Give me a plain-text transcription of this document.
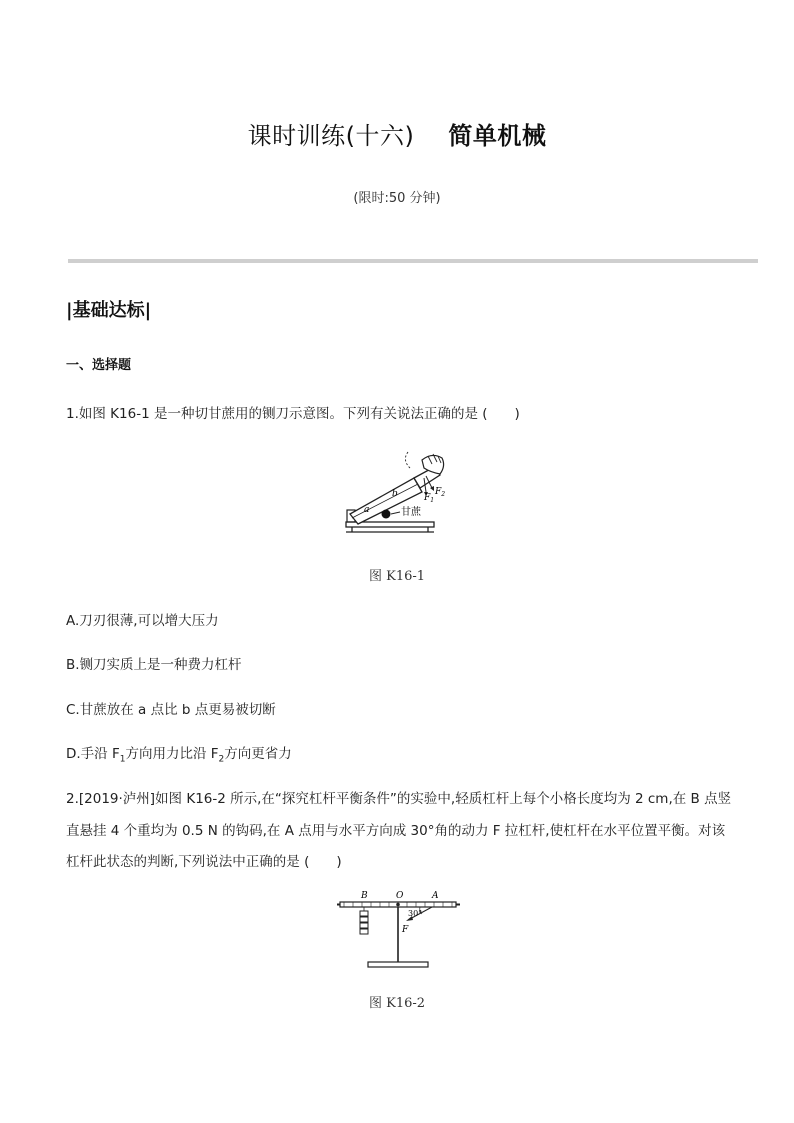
课时训练(十六) 简单机械
(限时:50 分钟)
|基础达标|
一、选择题
1.如图 K16-1 是一种切甘蔗用的铡刀示意图。下列有关说法正确的是 (　　)
a
b	$F_1$
$F_2$
甘蔗
图 K16-1
A.刀刃很薄,可以增大压力
B.铡刀实质上是一种费力杠杆
C.甘蔗放在 a 点比 b 点更易被切断
D.手沿 $F_1$方向用力比沿 $F_2$方向更省力
2.[2019·泸州]如图 K16-2 所示,在“探究杠杆平衡条件”的实验中,轻质杠杆上每个小格长度均为 2 cm,在 B 点竖
直悬挂 4 个重均为 0.5 N 的钩码,在 A 点用与水平方向成 30°角的动力 F 拉杠杆,使杠杆在水平位置平衡。对该
杠杆此状态的判断,下列说法中正确的是 (　　)
B	O	A
30°
F
图 K16-2
